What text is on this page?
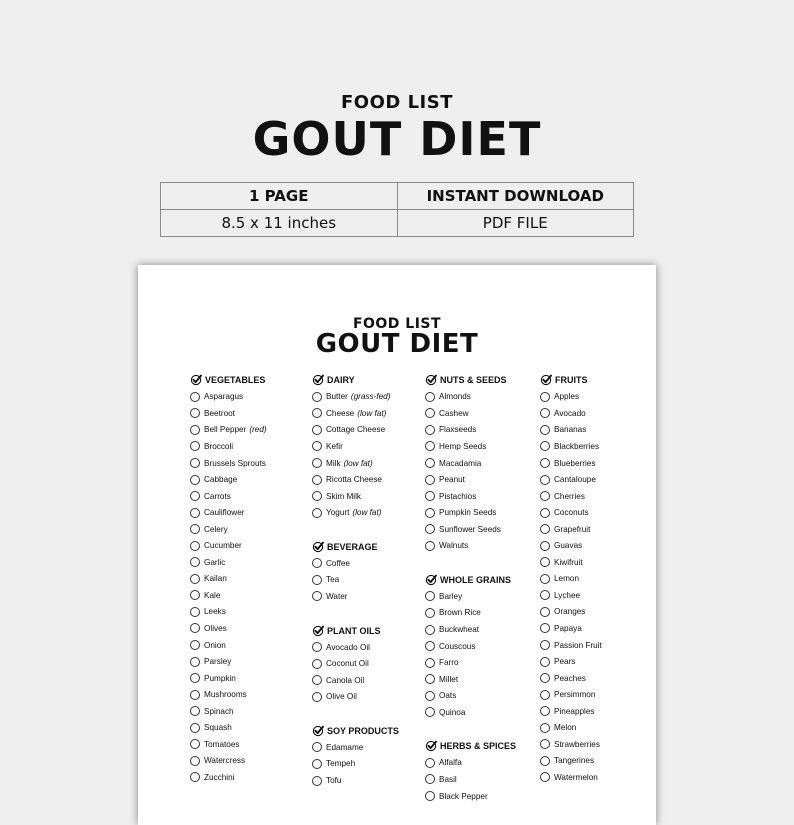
FOOD LIST
GOUT DIET
1 PAGE	INSTANT DOWNLOAD
8.5 x 11 inches	PDF FILE
FOOD LIST
GOUT DIET
VEGETABLES
Asparagus
Beetroot
Bell Pepper (red)
Broccoli
Brussels Sprouts
Cabbage
Carrots
Cauliflower
Celery
Cucumber
Garlic
Kailan
Kale
Leeks
Olives
Onion
Parsley
Pumpkin
Mushrooms
Spinach
Squash
Tomatoes
Watercress
Zucchini
DAIRY
Butter (grass-fed)
Cheese (low fat)
Cottage Cheese
Kefir
Milk (low fat)
Ricotta Cheese
Skim Milk
Yogurt (low fat)
BEVERAGE
Coffee
Tea
Water
PLANT OILS
Avocado Oil
Coconut Oil
Canola Oil
Olive Oil
SOY PRODUCTS
Edamame
Tempeh
Tofu
NUTS & SEEDS
Almonds
Cashew
Flaxseeds
Hemp Seeds
Macadamia
Peanut
Pistachios
Pumpkin Seeds
Sunflower Seeds
Walnuts
WHOLE GRAINS
Barley
Brown Rice
Buckwheat
Couscous
Farro
Millet
Oats
Quinoa
HERBS & SPICES
Alfalfa
Basil
Black Pepper
FRUITS
Apples
Avocado
Bananas
Blackberries
Blueberries
Cantaloupe
Cherries
Coconuts
Grapefruit
Guavas
Kiwifruit
Lemon
Lychee
Oranges
Papaya
Passion Fruit
Pears
Peaches
Persimmon
Pineapples
Melon
Strawberries
Tangerines
Watermelon
